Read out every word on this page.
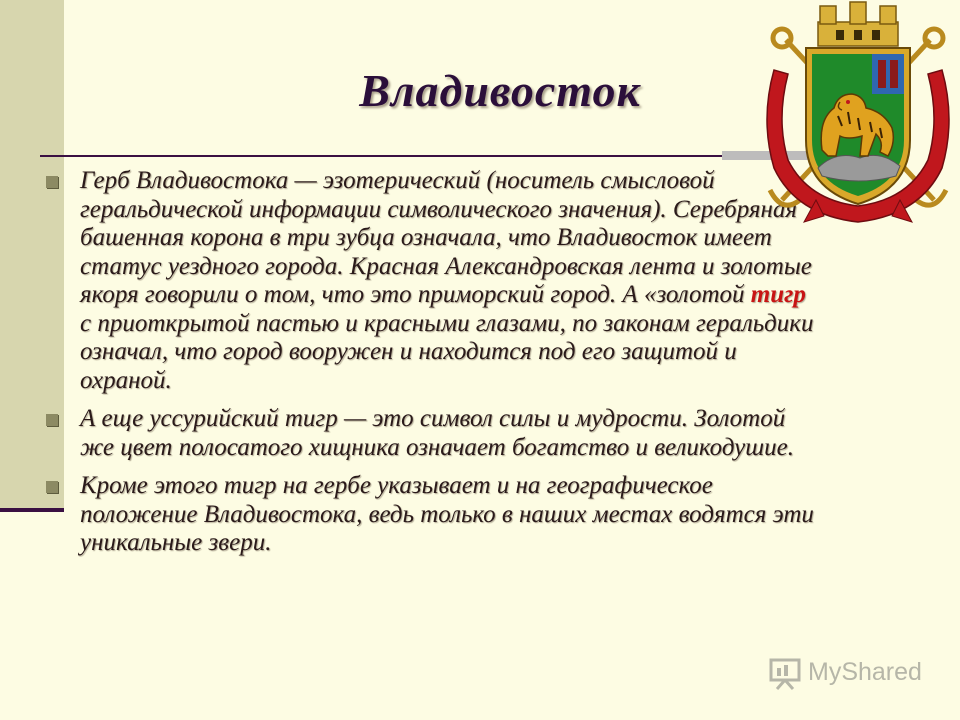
Владивосток
Герб Владивостока — эзотерический (носитель смысловой геральдической информации символического значения). Серебряная башенная корона в три зубца означала, что Владивосток имеет статус уездного города. Красная Александровская лента и золотые якоря говорили о том, что это приморский город. А «золотой тигр с приоткрытой пастью и красными глазами, по законам геральдики означал, что город вооружен и находится под его защитой и охраной.
А еще уссурийский тигр — это символ силы и мудрости. Золотой же цвет полосатого хищника означает богатство и великодушие.
Кроме этого тигр на гербе указывает и на географическое положение Владивостока, ведь только в наших местах водятся эти уникальные звери.
MyShared
